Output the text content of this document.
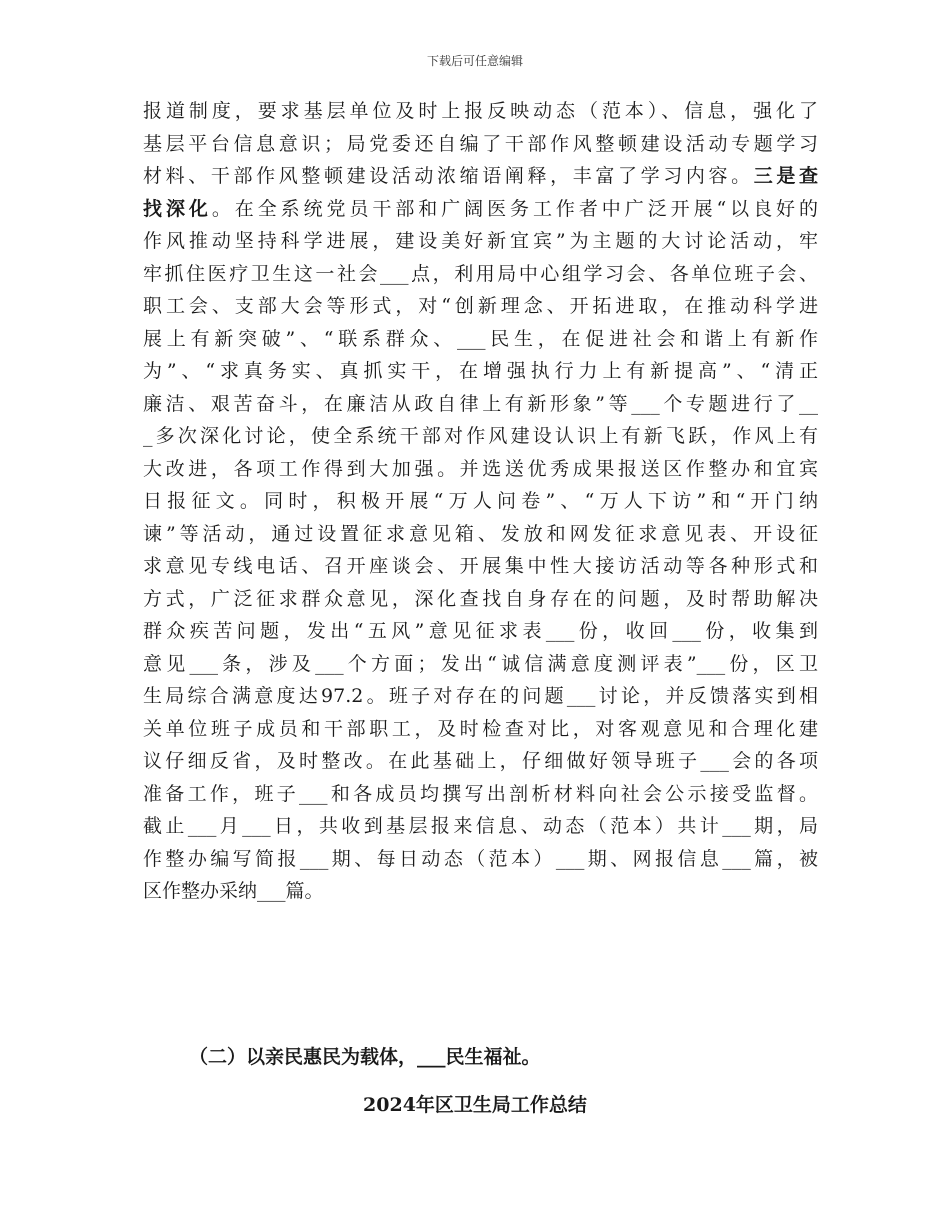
下载后可任意编辑
报道制度，要求基层单位及时上报反映动态（范本）、信息，强化了
基层平台信息意识；局党委还自编了干部作风整顿建设活动专题学习
材料、干部作风整顿建设活动浓缩语阐释，丰富了学习内容。三是查
找深化。在全系统党员干部和广阔医务工作者中广泛开展“以良好的
作风推动坚持科学进展，建设美好新宜宾”为主题的大讨论活动，牢
牢抓住医疗卫生这一社会___点，利用局中心组学习会、各单位班子会、
职工会、支部大会等形式，对“创新理念、开拓进取，在推动科学进
展上有新突破”、“联系群众、___民生，在促进社会和谐上有新作
为”、“求真务实、真抓实干，在增强执行力上有新提高”、“清正
廉洁、艰苦奋斗，在廉洁从政自律上有新形象”等___个专题进行了__
_多次深化讨论，使全系统干部对作风建设认识上有新飞跃，作风上有
大改进，各项工作得到大加强。并选送优秀成果报送区作整办和宜宾
日报征文。同时，积极开展“万人问卷”、“万人下访”和“开门纳
谏”等活动，通过设置征求意见箱、发放和网发征求意见表、开设征
求意见专线电话、召开座谈会、开展集中性大接访活动等各种形式和
方式，广泛征求群众意见，深化查找自身存在的问题，及时帮助解决
群众疾苦问题，发出“五风”意见征求表___份，收回___份，收集到
意见___条，涉及___个方面；发出“诚信满意度测评表”___份，区卫
生局综合满意度达97.2。班子对存在的问题___讨论，并反馈落实到相
关单位班子成员和干部职工，及时检查对比，对客观意见和合理化建
议仔细反省，及时整改。在此基础上，仔细做好领导班子___会的各项
准备工作，班子___和各成员均撰写出剖析材料向社会公示接受监督。
截止___月___日，共收到基层报来信息、动态（范本）共计___期，局
作整办编写简报___期、每日动态（范本）___期、网报信息___篇，被
区作整办采纳___篇。
（二）以亲民惠民为载体，___民生福祉。
2024年区卫生局工作总结
